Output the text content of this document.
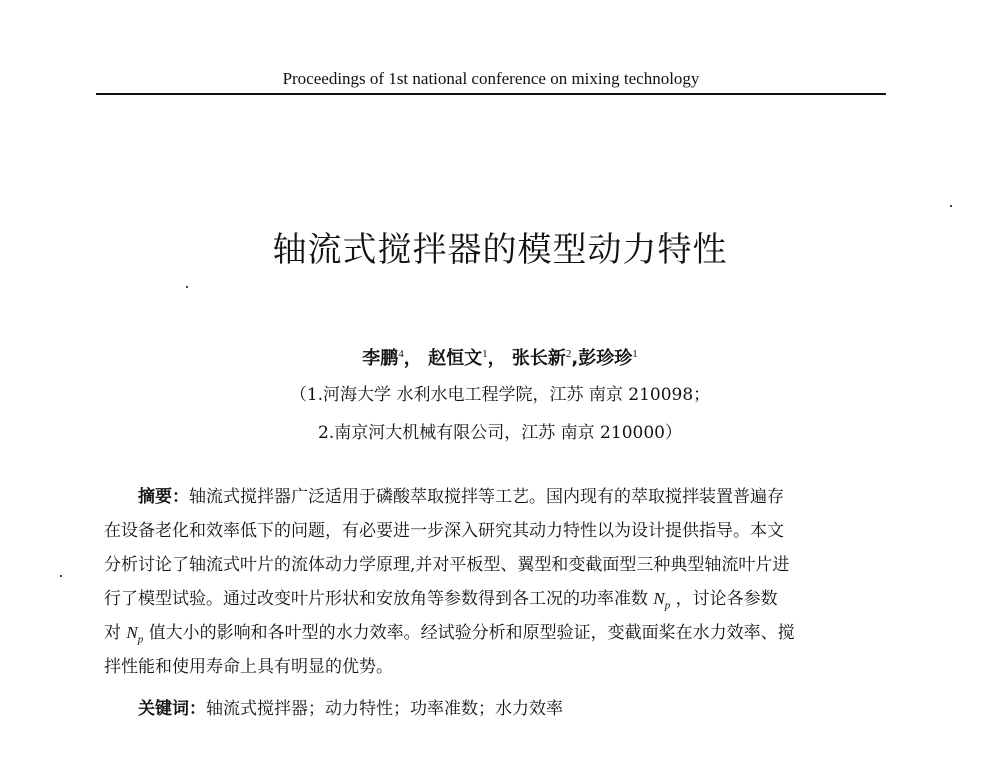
Proceedings of 1st national conference on mixing technology
轴流式搅拌器的模型动力特性
李鹏$^4$， 赵恒文$^1$， 张长新$^2$,彭珍珍$^1$
（1.河海大学 水利水电工程学院，江苏 南京 210098；
2.南京河大机械有限公司，江苏 南京 210000）
摘要：轴流式搅拌器广泛适用于磷酸萃取搅拌等工艺。国内现有的萃取搅拌装置普遍存
在设备老化和效率低下的问题，有必要进一步深入研究其动力特性以为设计提供指导。本文
分析讨论了轴流式叶片的流体动力学原理,并对平板型、翼型和变截面型三种典型轴流叶片进
行了模型试验。通过改变叶片形状和安放角等参数得到各工况的功率准数 $N_p$ ，讨论各参数
对 $N_p$ 值大小的影响和各叶型的水力效率。经试验分析和原型验证，变截面桨在水力效率、搅
拌性能和使用寿命上具有明显的优势。
关键词：轴流式搅拌器；动力特性；功率准数；水力效率
